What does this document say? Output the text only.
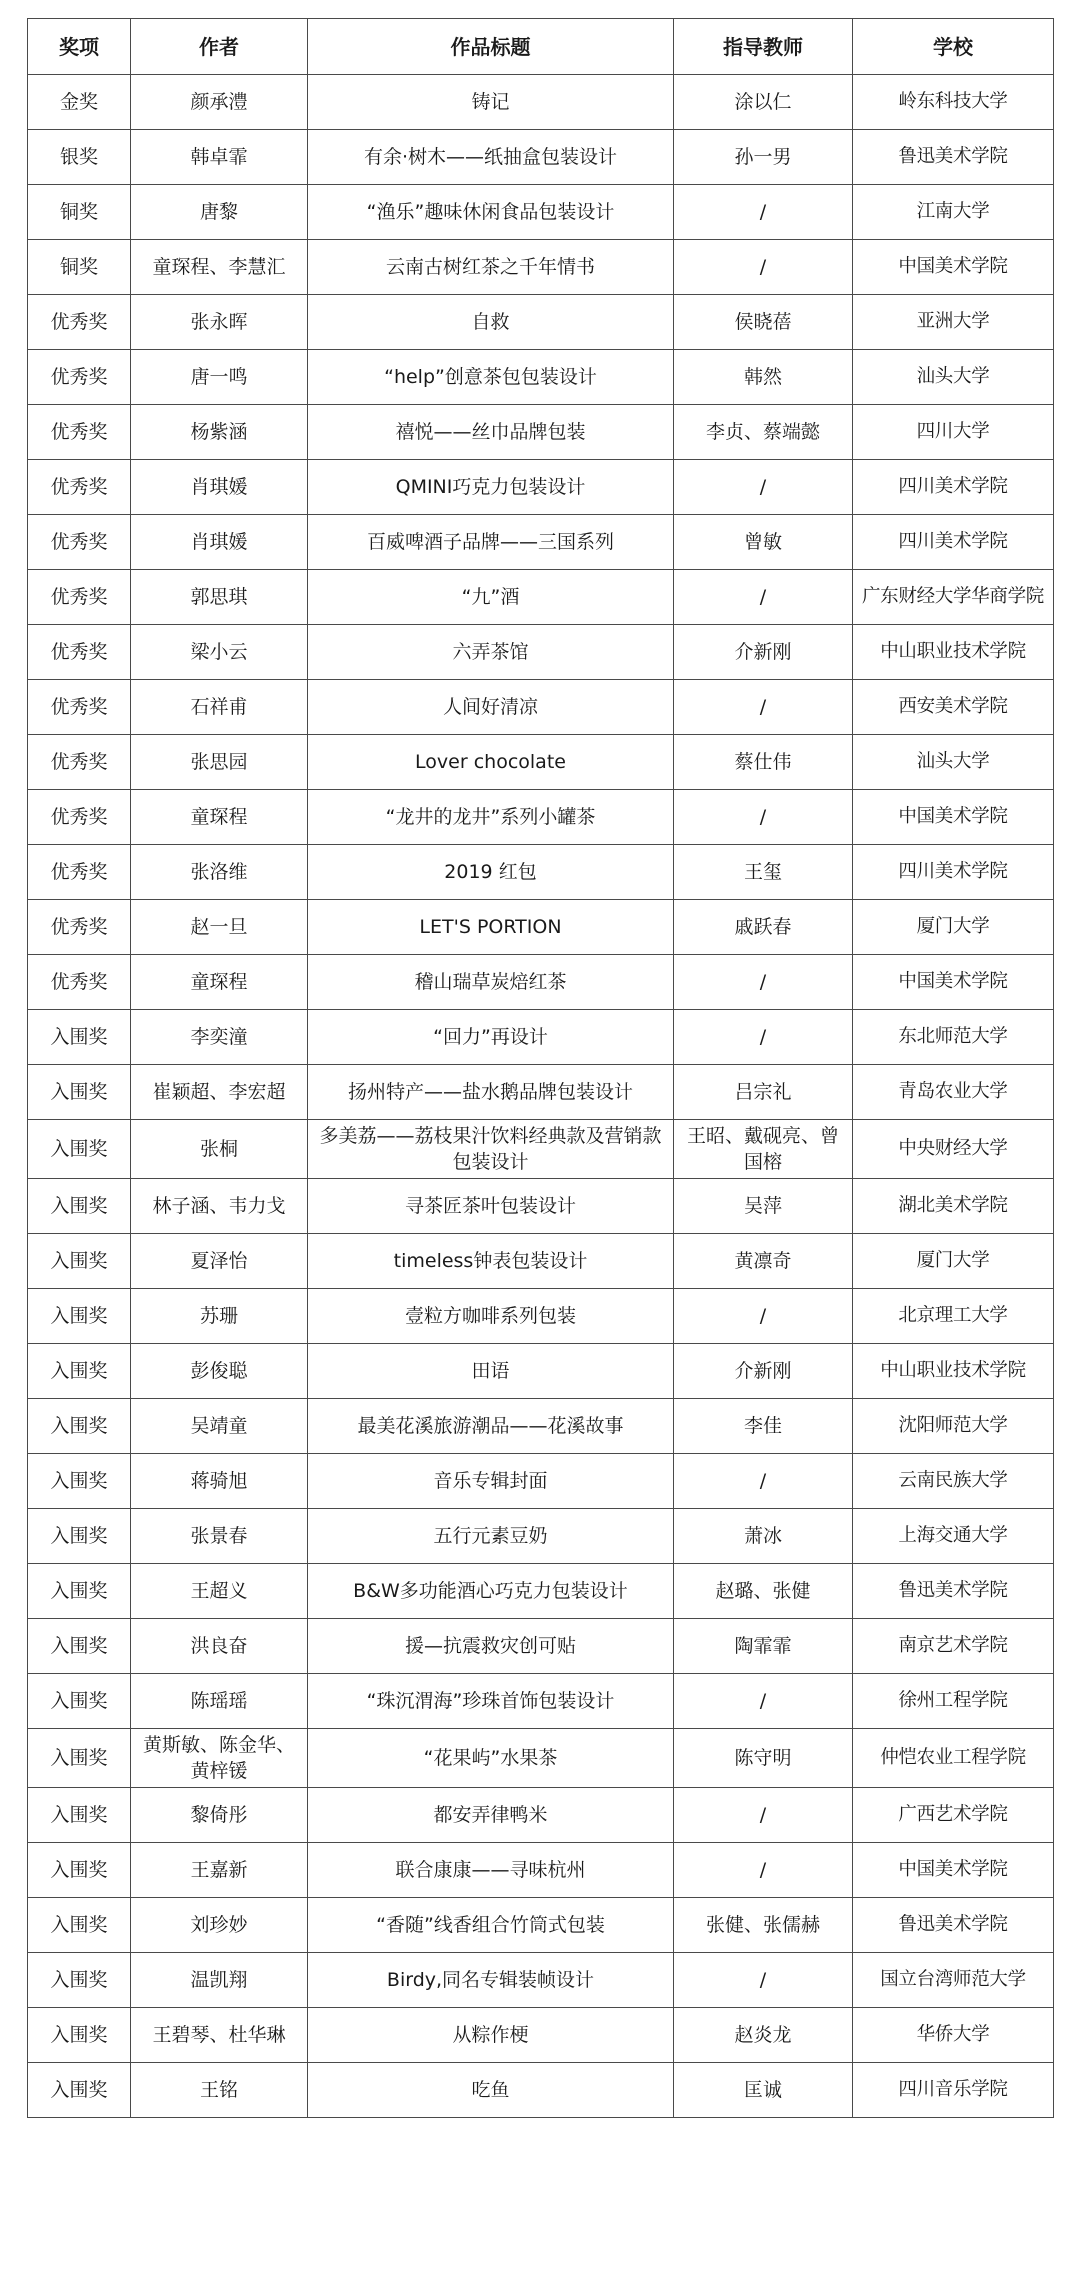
奖项	作者	作品标题	指导教师	学校
金奖	颜承澧	铸记	涂以仁	岭东科技大学
银奖	韩卓霏	有余·树木——纸抽盒包装设计	孙一男	鲁迅美术学院
铜奖	唐黎	“渔乐”趣味休闲食品包装设计	/	江南大学
铜奖	童琛程、李慧汇	云南古树红茶之千年情书	/	中国美术学院
优秀奖	张永晖	自救	侯晓蓓	亚洲大学
优秀奖	唐一鸣	“help”创意茶包包装设计	韩然	汕头大学
优秀奖	杨紫涵	禧悦——丝巾品牌包装	李贞、蔡端懿	四川大学
优秀奖	肖琪媛	QMINI巧克力包装设计	/	四川美术学院
优秀奖	肖琪媛	百威啤酒子品牌——三国系列	曾敏	四川美术学院
优秀奖	郭思琪	“九”酒	/	广东财经大学华商学院
优秀奖	梁小云	六弄茶馆	介新刚	中山职业技术学院
优秀奖	石祥甫	人间好清凉	/	西安美术学院
优秀奖	张思园	Lover chocolate	蔡仕伟	汕头大学
优秀奖	童琛程	“龙井的龙井”系列小罐茶	/	中国美术学院
优秀奖	张洛维	2019 红包	王玺	四川美术学院
优秀奖	赵一旦	LET'S PORTION	戚跃春	厦门大学
优秀奖	童琛程	稽山瑞草炭焙红茶	/	中国美术学院
入围奖	李奕潼	“回力”再设计	/	东北师范大学
入围奖	崔颖超、李宏超	扬州特产——盐水鹅品牌包装设计	吕宗礼	青岛农业大学
入围奖	张桐	多美荔——荔枝果汁饮料经典款及营销款包装设计	王昭、戴砚亮、曾国榕	中央财经大学
入围奖	林子涵、韦力戈	寻茶匠茶叶包装设计	吴萍	湖北美术学院
入围奖	夏泽怡	timeless钟表包装设计	黄凛奇	厦门大学
入围奖	苏珊	壹粒方咖啡系列包装	/	北京理工大学
入围奖	彭俊聪	田语	介新刚	中山职业技术学院
入围奖	吴靖童	最美花溪旅游潮品——花溪故事	李佳	沈阳师范大学
入围奖	蒋骑旭	音乐专辑封面	/	云南民族大学
入围奖	张景春	五行元素豆奶	萧冰	上海交通大学
入围奖	王超义	B&W多功能酒心巧克力包装设计	赵璐、张健	鲁迅美术学院
入围奖	洪良奋	援—抗震救灾创可贴	陶霏霏	南京艺术学院
入围奖	陈瑶瑶	“珠沉渭海”珍珠首饰包装设计	/	徐州工程学院
入围奖	黄斯敏、陈金华、黄梓锾	“花果屿”水果茶	陈守明	仲恺农业工程学院
入围奖	黎倚彤	都安弄律鸭米	/	广西艺术学院
入围奖	王嘉新	联合康康——寻味杭州	/	中国美术学院
入围奖	刘珍妙	“香随”线香组合竹筒式包装	张健、张儒赫	鲁迅美术学院
入围奖	温凯翔	Birdy,同名专辑装帧设计	/	国立台湾师范大学
入围奖	王碧琴、杜华琳	从粽作梗	赵炎龙	华侨大学
入围奖	王铭	吃鱼	匡诚	四川音乐学院
